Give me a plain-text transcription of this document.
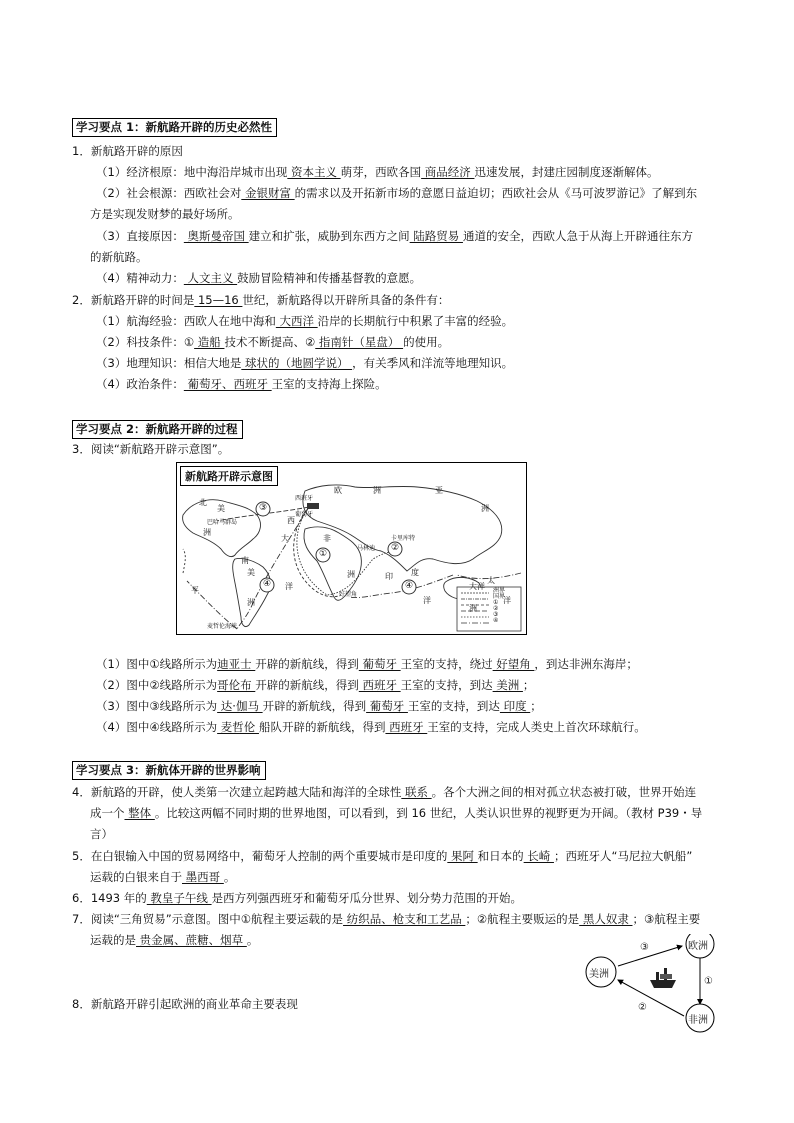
学习要点 1：新航路开辟的历史必然性
学习要点 2：新航路开辟的过程
学习要点 3：新航体开辟的世界影响
1．新航路开辟的原因
（1）经济根原：地中海沿岸城市出现 资本主义 萌芽，西欧各国 商品经济 迅速发展，封建庄园制度逐渐解体。
（2）社会根源：西欧社会对 金银财富 的需求以及开拓新市场的意愿日益迫切；西欧社会从《马可波罗游记》了解到东
方是实现发财梦的最好场所。
（3）直接原因： 奥斯曼帝国 建立和扩张，威胁到东西方之间 陆路贸易 通道的安全，西欧人急于从海上开辟通往东方
的新航路。
（4）精神动力： 人文主义 鼓励冒险精神和传播基督教的意愿。
2．新航路开辟的时间是 15—16 世纪，新航路得以开辟所具备的条件有：
（1）航海经验：西欧人在地中海和 大西洋 沿岸的长期航行中积累了丰富的经验。
（2）科技条件：① 造船 技术不断提高、② 指南针（星盘） 的使用。
（3）地理知识：相信大地是 球状的（地圆学说） ，有关季风和洋流等地理知识。
（4）政治条件： 葡萄牙、西班牙 王室的支持海上探险。
3．阅读“新航路开辟示意图”。
新航路开辟示意图
欧	洲	亚
洲
非
洲
南
美
洲
北
美
洲
大
西
洋
太
平
洋
印 度
洋
大 洋
洲
西班牙
葡萄牙
马林迪
卡里库特
好望角
巴哈马群岛
麦哲伦海峡
①
②
③
④	④	洲界
国界
①
②
③
④
（1）图中①线路所示为迪亚士 开辟的新航线，得到 葡萄牙 王室的支持，绕过 好望角 ，到达非洲东海岸；
（2）图中②线路所示为哥伦布 开辟的新航线，得到 西班牙 王室的支持，到达 美洲 ；
（3）图中③线路所示为 达·伽马 开辟的新航线，得到 葡萄牙 王室的支持，到达 印度 ；
（4）图中④线路所示为 麦哲伦 船队开辟的新航线，得到 西班牙 王室的支持，完成人类史上首次环球航行。
4．新航路的开辟，使人类第一次建立起跨越大陆和海洋的全球性 联系 。各个大洲之间的相对孤立状态被打破，世界开始连
成一个 整体 。比较这两幅不同时期的世界地图，可以看到，到 16 世纪，人类认识世界的视野更为开阔。（教材 P39・导
言）
5．在白银输入中国的贸易网络中，葡萄牙人控制的两个重要城市是印度的 果阿 和日本的 长崎 ；西班牙人“马尼拉大帆船”
运载的白银来自于 墨西哥 。
6．1493 年的 教皇子午线 是西方列强西班牙和葡萄牙瓜分世界、划分势力范围的开始。
7．阅读“三角贸易”示意图。图中①航程主要运载的是 纺织品、枪支和工艺品 ；②航程主要贩运的是 黑人奴隶 ；③航程主要
运载的是 贵金属、蔗糖、烟草 。
8．新航路开辟引起欧洲的商业革命主要表现
美洲
欧洲
非洲
③
①
②
